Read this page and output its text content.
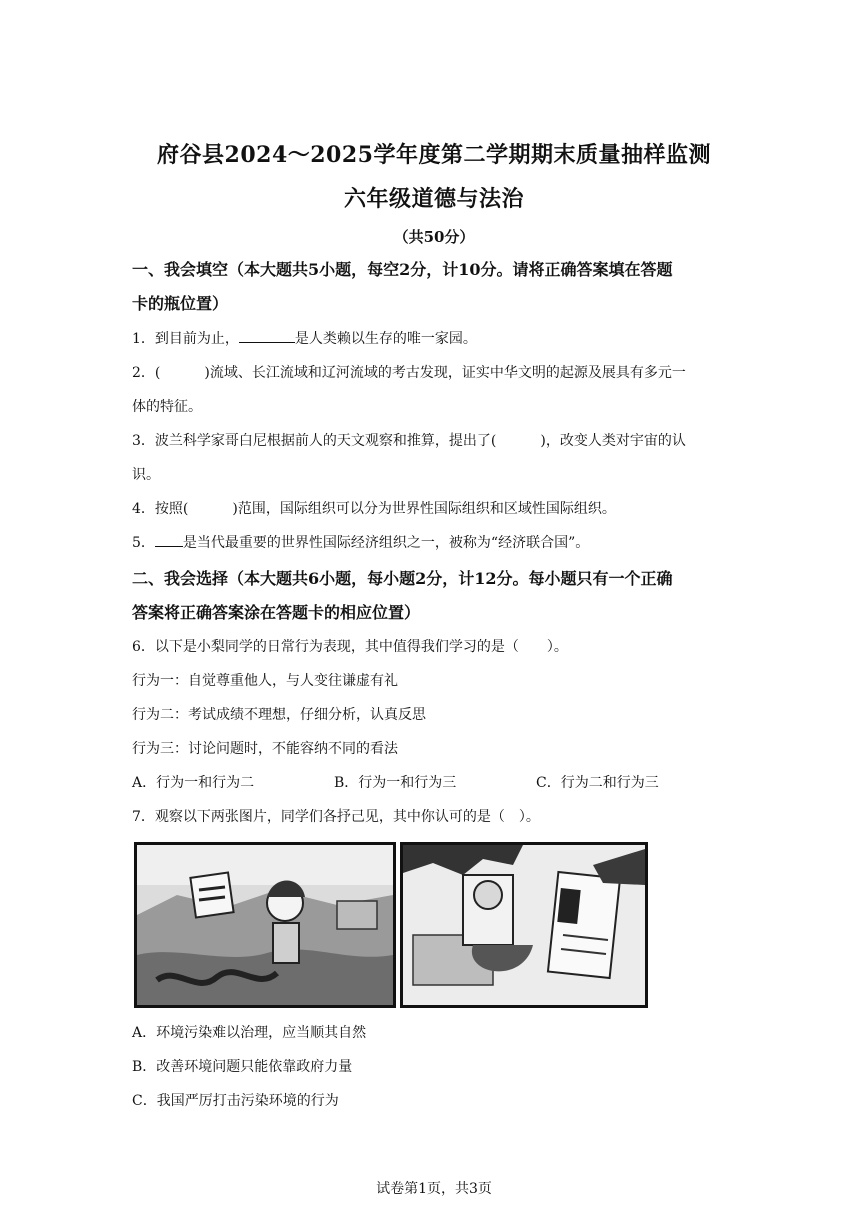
府谷县2024～2025学年度第二学期期末质量抽样监测
六年级道德与法治
（共50分）
一、我会填空（本大题共5小题，每空2分，计10分。请将正确答案填在答题
卡的瓶位置）
1．到目前为止，	是人类赖以生存的唯一家园。
2．(	)流域、长江流域和辽河流域的考古发现，证实中华文明的起源及展具有多元一
体的特征。
3．波兰科学家哥白尼根据前人的天文观察和推算，提出了(	)，改变人类对宇宙的认
识。
4．按照(	)范围，国际组织可以分为世界性国际组织和区域性国际组织。
5． 是当代最重要的世界性国际经济组织之一，被称为“经济联合国”。
二、我会选择（本大题共6小题，每小题2分，计12分。每小题只有一个正确
答案将正确答案涂在答题卡的相应位置）
6．以下是小梨同学的日常行为表现，其中值得我们学习的是（　　）。
行为一：自觉尊重他人，与人变往谦虚有礼
行为二：考试成绩不理想，仔细分析，认真反思
行为三：讨论问题时，不能容纳不同的看法
A．行为一和行为二	B．行为一和行为三	C．行为二和行为三
7．观察以下两张图片，同学们各抒己见，其中你认可的是（　）。
A．环境污染难以治理，应当顺其自然
B．改善环境问题只能依靠政府力量
C．我国严厉打击污染环境的行为
试卷第1页，共3页
